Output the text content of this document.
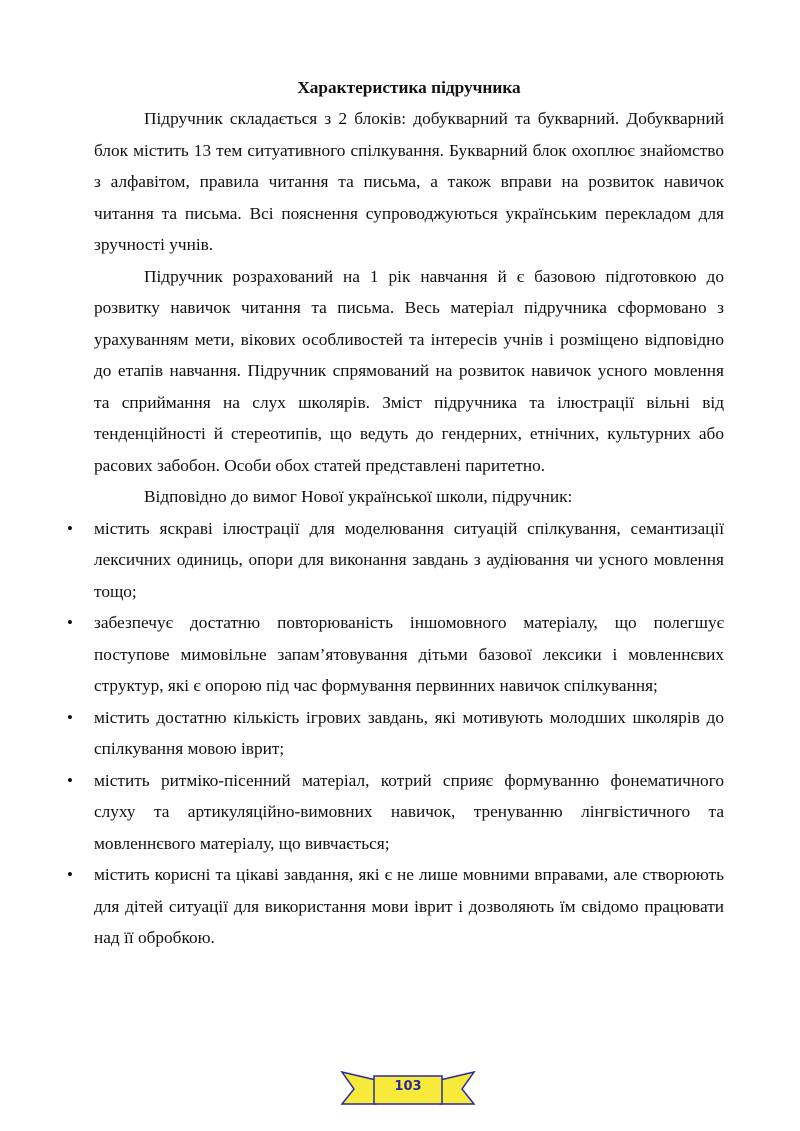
Характеристика підручника

Підручник складається з 2 блоків: добукварний та букварний. Добукварний блок містить 13 тем ситуативного спілкування. Букварний блок охоплює знайомство з алфавітом, правила читання та письма, а також вправи на розвиток навичок читання та письма. Всі пояснення супроводжуються українським перекладом для зручності учнів.

Підручник розрахований на 1 рік навчання й є базовою підготовкою до розвитку навичок читання та письма. Весь матеріал підручника сформовано з урахуванням мети, вікових особливостей та інтересів учнів і розміщено відповідно до етапів навчання. Підручник спрямований на розвиток навичок усного мовлення та сприймання на слух школярів. Зміст підручника та ілюстрації вільні від тенденційності й стереотипів, що ведуть до гендерних, етнічних, культурних або расових забобон. Особи обох статей представлені паритетно.

Відповідно до вимог Нової української школи, підручник:

• містить яскраві ілюстрації для моделювання ситуацій спілкування, семантизації лексичних одиниць, опори для виконання завдань з аудіювання чи усного мовлення тощо;
• забезпечує достатню повторюваність іншомовного матеріалу, що полегшує поступове мимовільне запам’ятовування дітьми базової лексики і мовленнєвих структур, які є опорою під час формування первинних навичок спілкування;
• містить достатню кількість ігрових завдань, які мотивують молодших школярів до спілкування мовою іврит;
• містить ритміко-пісенний матеріал, котрий сприяє формуванню фонематичного слуху та артикуляційно-вимовних навичок, тренуванню лінгвістичного та мовленнєвого матеріалу, що вивчається;
• містить корисні та цікаві завдання, які є не лише мовними вправами, але створюють для дітей ситуації для використання мови іврит і дозволяють їм свідомо працювати над її обробкою.
103
